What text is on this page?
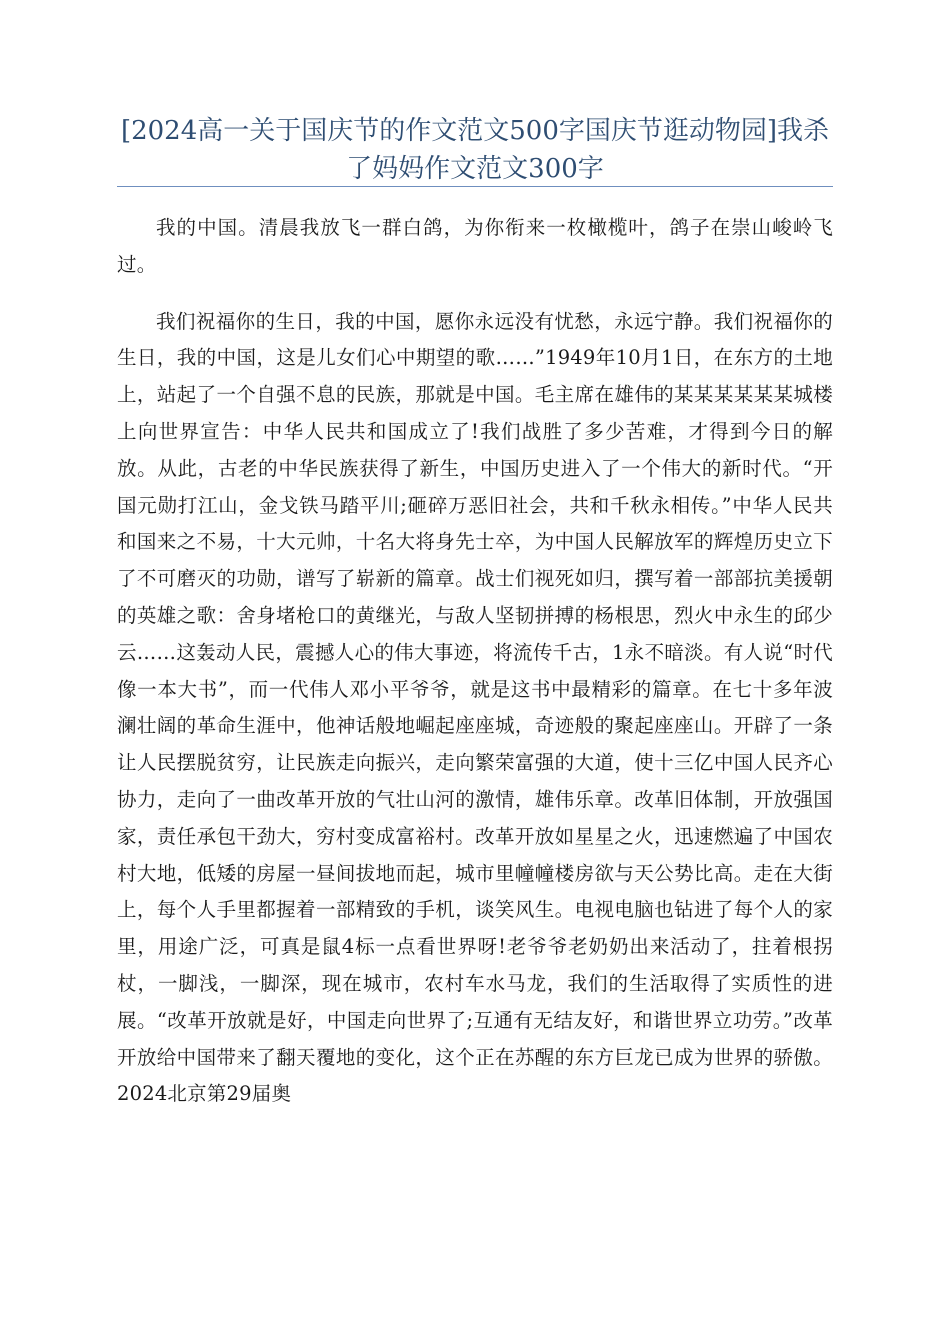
[2024高一关于国庆节的作文范文500字国庆节逛动物园]我杀了妈妈作文范文300字

我的中国。清晨我放飞一群白鸽，为你衔来一枚橄榄叶，鸽子在崇山峻岭飞过。

我们祝福你的生日，我的中国，愿你永远没有忧愁，永远宁静。我们祝福你的生日，我的中国，这是儿女们心中期望的歌……”1949年10月1日，在东方的土地上，站起了一个自强不息的民族，那就是中国。毛主席在雄伟的某某某某某某城楼上向世界宣告：中华人民共和国成立了!我们战胜了多少苦难，才得到今日的解放。从此，古老的中华民族获得了新生，中国历史进入了一个伟大的新时代。“开国元勋打江山，金戈铁马踏平川;砸碎万恶旧社会，共和千秋永相传。”中华人民共和国来之不易，十大元帅，十名大将身先士卒，为中国人民解放军的辉煌历史立下了不可磨灭的功勋，谱写了崭新的篇章。战士们视死如归，撰写着一部部抗美援朝的英雄之歌：舍身堵枪口的黄继光，与敌人坚韧拼搏的杨根思，烈火中永生的邱少云……这轰动人民，震撼人心的伟大事迹，将流传千古，1永不暗淡。有人说“时代像一本大书”，而一代伟人邓小平爷爷，就是这书中最精彩的篇章。在七十多年波澜壮阔的革命生涯中，他神话般地崛起座座城，奇迹般的聚起座座山。开辟了一条让人民摆脱贫穷，让民族走向振兴，走向繁荣富强的大道，使十三亿中国人民齐心协力，走向了一曲改革开放的气壮山河的激情，雄伟乐章。改革旧体制，开放强国家，责任承包干劲大，穷村变成富裕村。改革开放如星星之火，迅速燃遍了中国农村大地，低矮的房屋一昼间拔地而起，城市里幢幢楼房欲与天公势比高。走在大街上，每个人手里都握着一部精致的手机，谈笑风生。电视电脑也钻进了每个人的家里，用途广泛，可真是鼠4标一点看世界呀!老爷爷老奶奶出来活动了，拄着根拐杖，一脚浅，一脚深，现在城市，农村车水马龙，我们的生活取得了实质性的进展。“改革开放就是好，中国走向世界了;互通有无结友好，和谐世界立功劳。”改革开放给中国带来了翻天覆地的变化，这个正在苏醒的东方巨龙已成为世界的骄傲。2024北京第29届奥
